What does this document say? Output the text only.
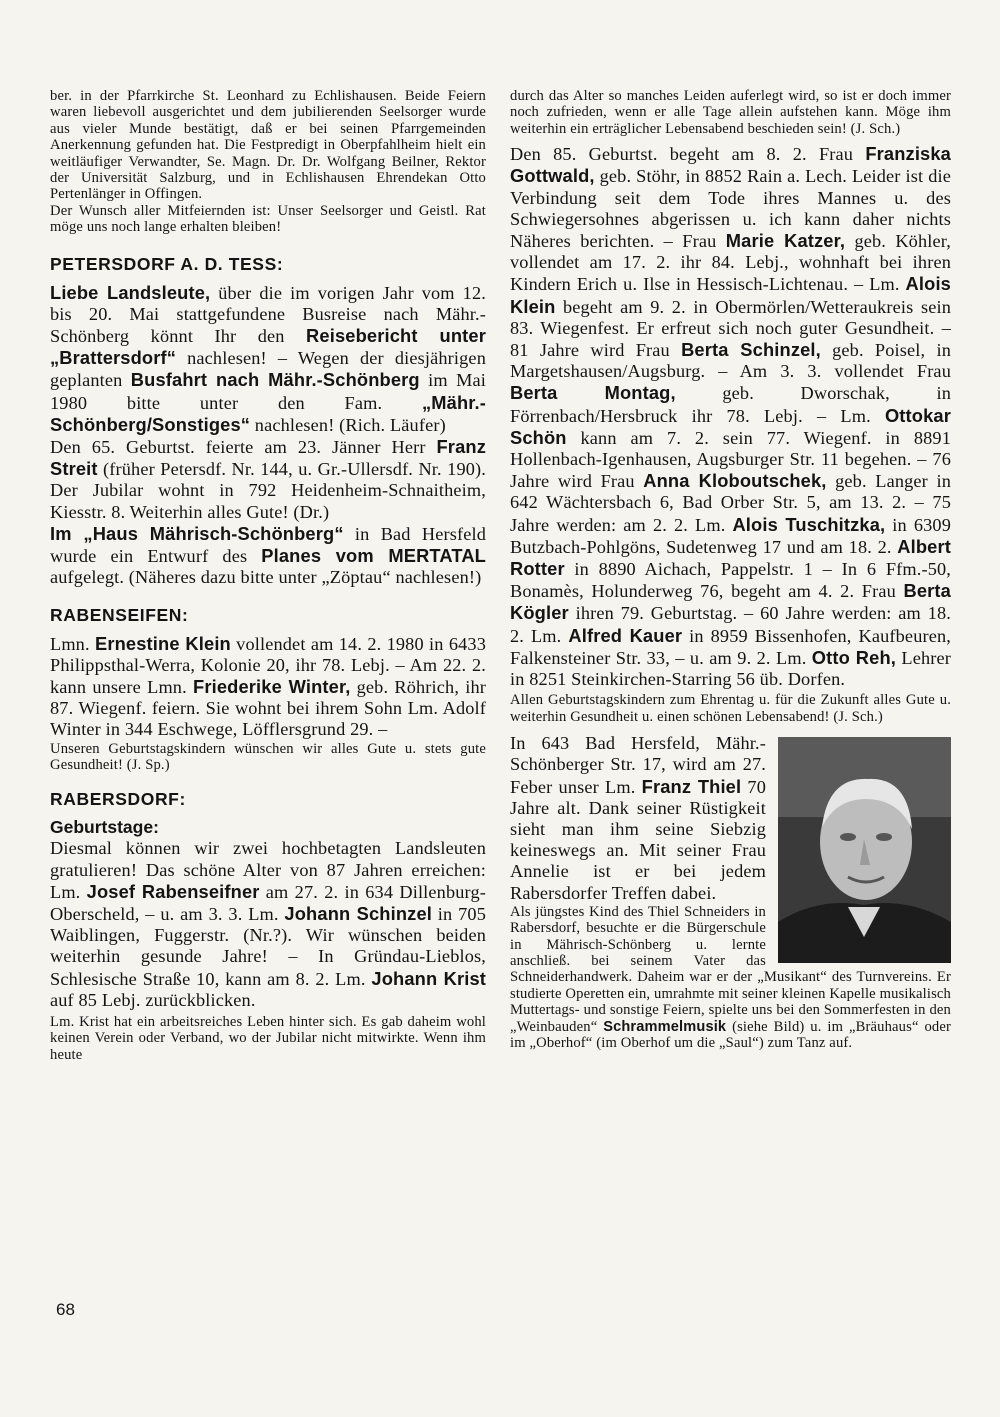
ber. in der Pfarrkirche St. Leonhard zu Echlishausen. Beide Feiern waren liebevoll ausgerichtet und dem jubilierenden Seelsorger wurde aus vieler Munde bestätigt, daß er bei seinen Pfarrgemeinden Anerkennung gefunden hat. Die Festpredigt in Oberpfahlheim hielt ein weitläufiger Verwandter, Se. Magn. Dr. Dr. Wolfgang Beilner, Rektor der Universität Salzburg, und in Echlishausen Ehrendekan Otto Pertenlänger in Offingen.

Der Wunsch aller Mitfeiernden ist: Unser Seelsorger und Geistl. Rat möge uns noch lange erhalten bleiben!

PETERSDORF A. D. TESS:

Liebe Landsleute, über die im vorigen Jahr vom 12. bis 20. Mai stattgefundene Busreise nach Mähr.-Schönberg könnt Ihr den Reisebericht unter „Brattersdorf“ nachlesen! – Wegen der diesjährigen geplanten Busfahrt nach Mähr.-Schönberg im Mai 1980 bitte unter den Fam. „Mähr.-Schönberg/Sonstiges“ nachlesen! (Rich. Läufer)

Den 65. Geburtst. feierte am 23. Jänner Herr Franz Streit (früher Petersdf. Nr. 144, u. Gr.-Ullersdf. Nr. 190). Der Jubilar wohnt in 792 Heidenheim-Schnaitheim, Kiesstr. 8. Weiterhin alles Gute! (Dr.)

Im „Haus Mährisch-Schönberg“ in Bad Hersfeld wurde ein Entwurf des Planes vom MERTATAL aufgelegt. (Näheres dazu bitte unter „Zöptau“ nachlesen!)

RABENSEIFEN:

Lmn. Ernestine Klein vollendet am 14. 2. 1980 in 6433 Philippsthal-Werra, Kolonie 20, ihr 78. Lebj. – Am 22. 2. kann unsere Lmn. Friederike Winter, geb. Röhrich, ihr 87. Wiegenf. feiern. Sie wohnt bei ihrem Sohn Lm. Adolf Winter in 344 Eschwege, Löfflersgrund 29. –

Unseren Geburtstagskindern wünschen wir alles Gute u. stets gute Gesundheit! (J. Sp.)

RABERSDORF:
Geburtstage:

Diesmal können wir zwei hochbetagten Landsleuten gratulieren! Das schöne Alter von 87 Jahren erreichen: Lm. Josef Rabenseifner am 27. 2. in 634 Dillenburg-Oberscheld, – u. am 3. 3. Lm. Johann Schinzel in 705 Waiblingen, Fuggerstr. (Nr.?). Wir wünschen beiden weiterhin gesunde Jahre! – In Gründau-Lieblos, Schlesische Straße 10, kann am 8. 2. Lm. Johann Krist auf 85 Lebj. zurückblicken.

Lm. Krist hat ein arbeitsreiches Leben hinter sich. Es gab daheim wohl keinen Verein oder Verband, wo der Jubilar nicht mitwirkte. Wenn ihm heute

durch das Alter so manches Leiden auferlegt wird, so ist er doch immer noch zufrieden, wenn er alle Tage allein aufstehen kann. Möge ihm weiterhin ein erträglicher Lebensabend beschieden sein! (J. Sch.)

Den 85. Geburtst. begeht am 8. 2. Frau Franziska Gottwald, geb. Stöhr, in 8852 Rain a. Lech. Leider ist die Verbindung seit dem Tode ihres Mannes u. des Schwiegersohnes abgerissen u. ich kann daher nichts Näheres berichten. – Frau Marie Katzer, geb. Köhler, vollendet am 17. 2. ihr 84. Lebj., wohnhaft bei ihren Kindern Erich u. Ilse in Hessisch-Lichtenau. – Lm. Alois Klein begeht am 9. 2. in Obermörlen/Wetteraukreis sein 83. Wiegenfest. Er erfreut sich noch guter Gesundheit. – 81 Jahre wird Frau Berta Schinzel, geb. Poisel, in Margetshausen/Augsburg. – Am 3. 3. vollendet Frau Berta Montag, geb. Dworschak, in Förrenbach/Hersbruck ihr 78. Lebj. – Lm. Ottokar Schön kann am 7. 2. sein 77. Wiegenf. in 8891 Hollenbach-Igenhausen, Augsburger Str. 11 begehen. – 76 Jahre wird Frau Anna Kloboutschek, geb. Langer in 642 Wächtersbach 6, Bad Orber Str. 5, am 13. 2. – 75 Jahre werden: am 2. 2. Lm. Alois Tuschitzka, in 6309 Butzbach-Pohlgöns, Sudetenweg 17 und am 18. 2. Albert Rotter in 8890 Aichach, Pappelstr. 1 – In 6 Ffm.-50, Bonamès, Holunderweg 76, begeht am 4. 2. Frau Berta Kögler ihren 79. Geburtstag. – 60 Jahre werden: am 18. 2. Lm. Alfred Kauer in 8959 Bissenhofen, Kaufbeuren, Falkensteiner Str. 33, – u. am 9. 2. Lm. Otto Reh, Lehrer in 8251 Steinkirchen-Starring 56 üb. Dorfen.

Allen Geburtstagskindern zum Ehrentag u. für die Zukunft alles Gute u. weiterhin Gesundheit u. einen schönen Lebensabend! (J. Sch.)

In 643 Bad Hersfeld, Mähr.-Schönberger Str. 17, wird am 27. Feber unser Lm. Franz Thiel 70 Jahre alt. Dank seiner Rüstigkeit sieht man ihm seine Siebzig keineswegs an. Mit seiner Frau Annelie ist er bei jedem Rabersdorfer Treffen dabei.

Als jüngstes Kind des Thiel Schneiders in Rabersdorf, besuchte er die Bürgerschule in Mährisch-Schönberg u. lernte anschließ. bei seinem Vater das Schneiderhandwerk. Daheim war er der „Musikant“ des Turnvereins. Er studierte Operetten ein, umrahmte mit seiner kleinen Kapelle musikalisch Muttertags- und sonstige Feiern, spielte uns bei den Sommerfesten in den „Weinbauden“ Schrammelmusik (siehe Bild) u. im „Bräuhaus“ oder im „Oberhof“ (im Oberhof um die „Saul“) zum Tanz auf.

68
